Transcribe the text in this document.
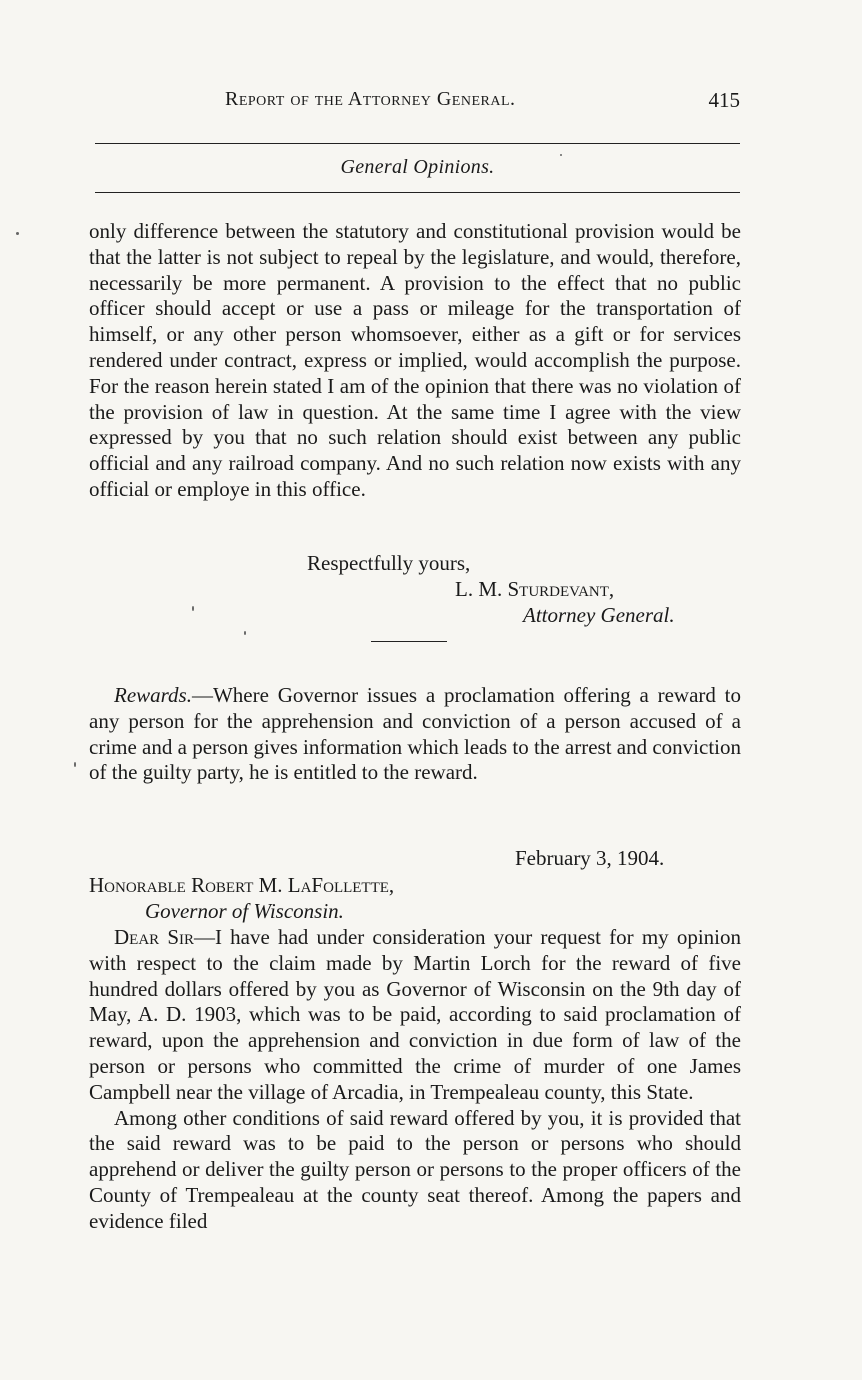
Report of the Attorney General.	415
General Opinions.

only difference between the statutory and constitutional provision would be that the latter is not subject to repeal by the legislature, and would, therefore, necessarily be more permanent. A provision to the effect that no public officer should accept or use a pass or mileage for the transportation of himself, or any other person whomsoever, either as a gift or for services rendered under contract, express or implied, would accomplish the purpose. For the reason herein stated I am of the opinion that there was no violation of the provision of law in question. At the same time I agree with the view expressed by you that no such relation should exist between any public official and any railroad company. And no such relation now exists with any official or employe in this office.

Respectfully yours,
L. M. Sturdevant,
Attorney General.

Rewards.—Where Governor issues a proclamation offering a reward to any person for the apprehension and conviction of a person accused of a crime and a person gives information which leads to the arrest and conviction of the guilty party, he is entitled to the reward.

February 3, 1904.
Honorable Robert M. LaFollette,
Governor of Wisconsin.

Dear Sir—I have had under consideration your request for my opinion with respect to the claim made by Martin Lorch for the reward of five hundred dollars offered by you as Governor of Wisconsin on the 9th day of May, A. D. 1903, which was to be paid, according to said proclamation of reward, upon the apprehension and conviction in due form of law of the person or persons who committed the crime of murder of one James Campbell near the village of Arcadia, in Trempealeau county, this State.

Among other conditions of said reward offered by you, it is provided that the said reward was to be paid to the person or persons who should apprehend or deliver the guilty person or persons to the proper officers of the County of Trempealeau at the county seat thereof. Among the papers and evidence filed
